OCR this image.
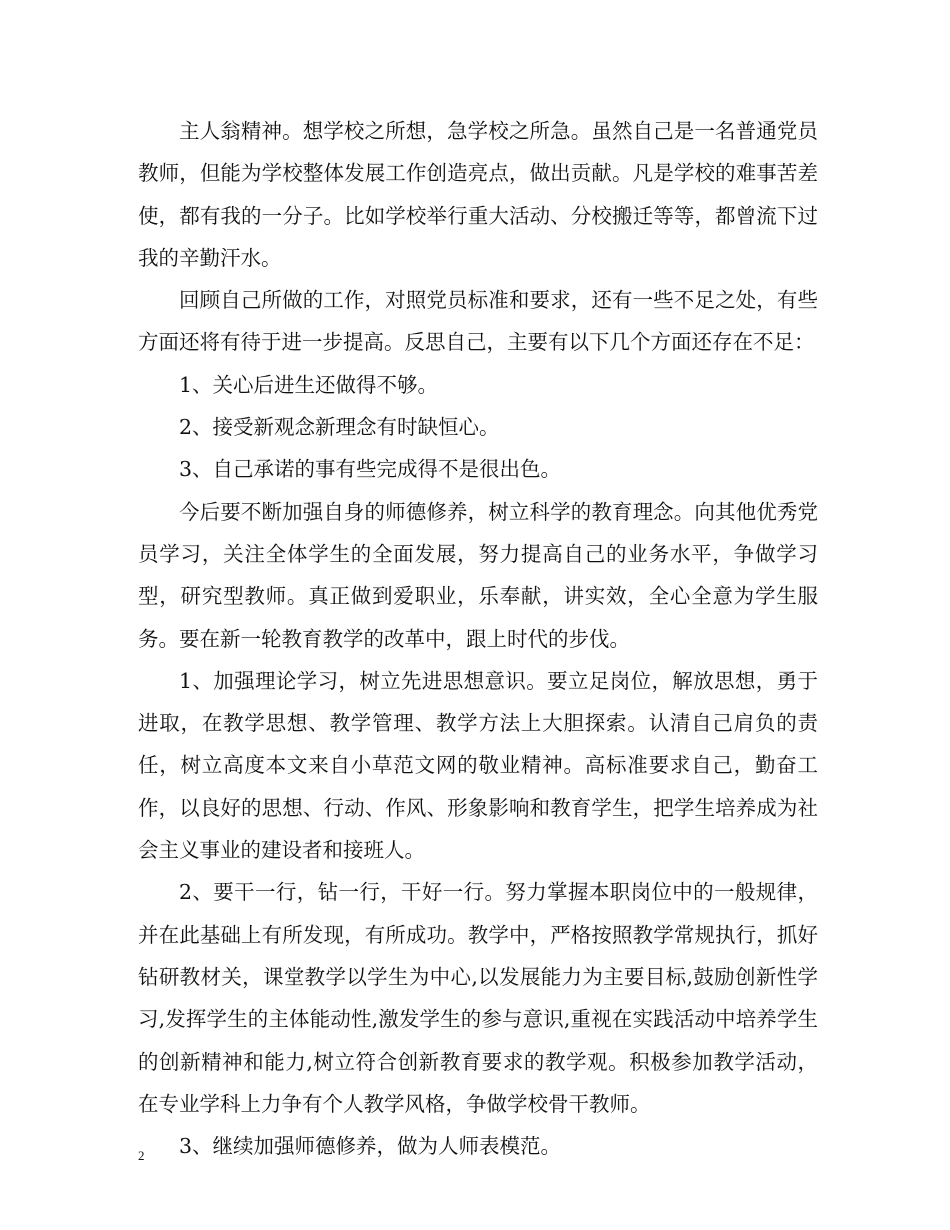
主人翁精神。想学校之所想，急学校之所急。虽然自己是一名普通党员教师，但能为学校整体发展工作创造亮点，做出贡献。凡是学校的难事苦差使，都有我的一分子。比如学校举行重大活动、分校搬迁等等，都曾流下过我的辛勤汗水。

回顾自己所做的工作，对照党员标准和要求，还有一些不足之处，有些方面还将有待于进一步提高。反思自己，主要有以下几个方面还存在不足：

1、关心后进生还做得不够。

2、接受新观念新理念有时缺恒心。

3、自己承诺的事有些完成得不是很出色。

今后要不断加强自身的师德修养，树立科学的教育理念。向其他优秀党员学习，关注全体学生的全面发展，努力提高自己的业务水平，争做学习型，研究型教师。真正做到爱职业，乐奉献，讲实效，全心全意为学生服务。要在新一轮教育教学的改革中，跟上时代的步伐。

1、加强理论学习，树立先进思想意识。要立足岗位，解放思想，勇于进取，在教学思想、教学管理、教学方法上大胆探索。认清自己肩负的责任，树立高度本文来自小草范文网的敬业精神。高标准要求自己，勤奋工作，以良好的思想、行动、作风、形象影响和教育学生，把学生培养成为社会主义事业的建设者和接班人。

2、要干一行，钻一行，干好一行。努力掌握本职岗位中的一般规律，并在此基础上有所发现，有所成功。教学中，严格按照教学常规执行，抓好钻研教材关，课堂教学以学生为中心,以发展能力为主要目标,鼓励创新性学习,发挥学生的主体能动性,激发学生的参与意识,重视在实践活动中培养学生的创新精神和能力,树立符合创新教育要求的教学观。积极参加教学活动，在专业学科上力争有个人教学风格，争做学校骨干教师。

3、继续加强师德修养，做为人师表模范。

2
